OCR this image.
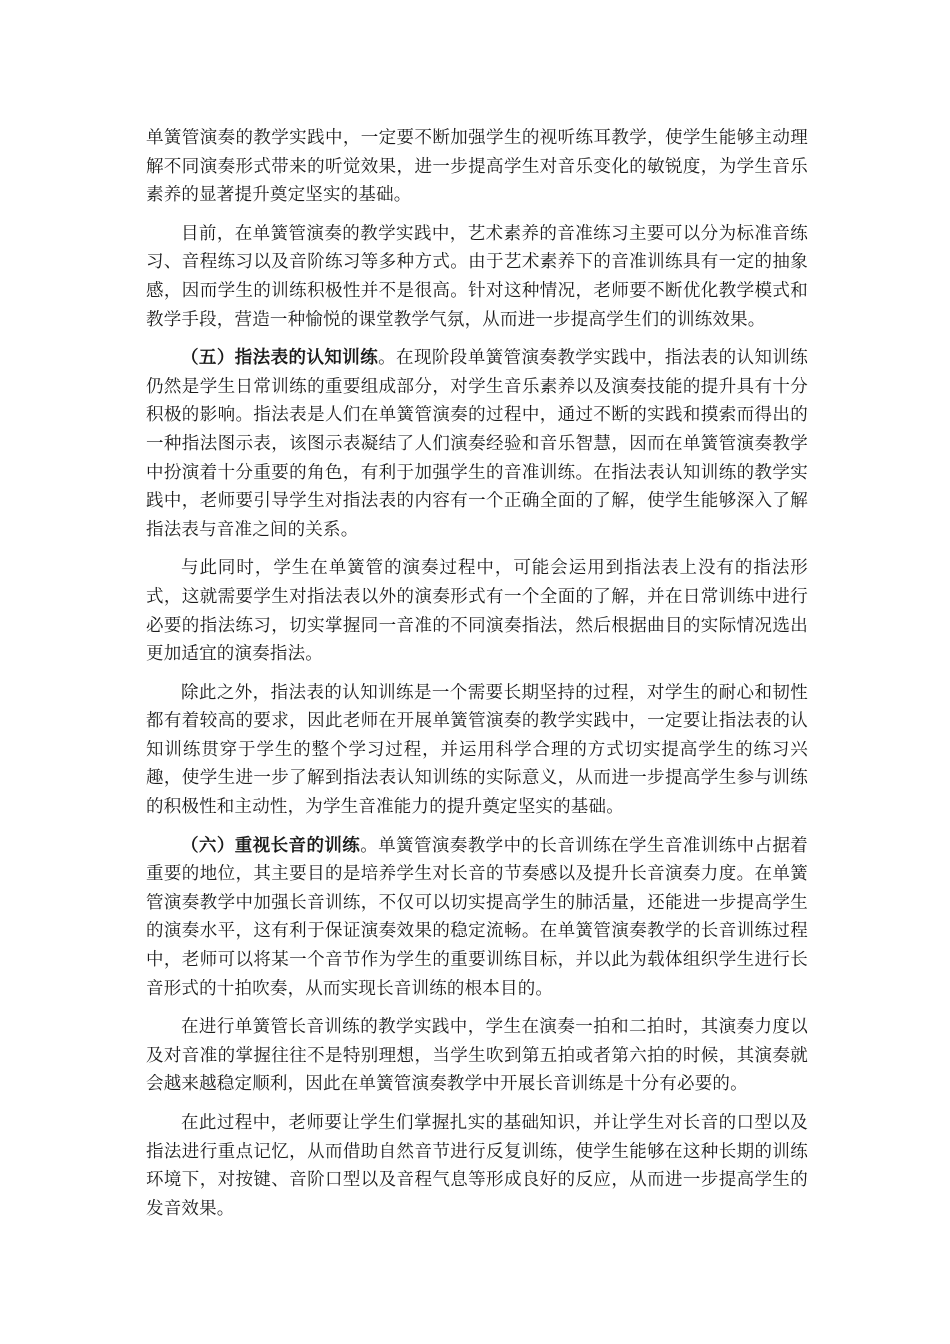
单簧管演奏的教学实践中，一定要不断加强学生的视听练耳教学，使学生能够主动理解不同演奏形式带来的听觉效果，进一步提高学生对音乐变化的敏锐度，为学生音乐素养的显著提升奠定坚实的基础。

目前，在单簧管演奏的教学实践中，艺术素养的音准练习主要可以分为标准音练习、音程练习以及音阶练习等多种方式。由于艺术素养下的音准训练具有一定的抽象感，因而学生的训练积极性并不是很高。针对这种情况，老师要不断优化教学模式和教学手段，营造一种愉悦的课堂教学气氛，从而进一步提高学生们的训练效果。

（五）指法表的认知训练。在现阶段单簧管演奏教学实践中，指法表的认知训练仍然是学生日常训练的重要组成部分，对学生音乐素养以及演奏技能的提升具有十分积极的影响。指法表是人们在单簧管演奏的过程中，通过不断的实践和摸索而得出的一种指法图示表，该图示表凝结了人们演奏经验和音乐智慧，因而在单簧管演奏教学中扮演着十分重要的角色，有利于加强学生的音准训练。在指法表认知训练的教学实践中，老师要引导学生对指法表的内容有一个正确全面的了解，使学生能够深入了解指法表与音准之间的关系。

与此同时，学生在单簧管的演奏过程中，可能会运用到指法表上没有的指法形式，这就需要学生对指法表以外的演奏形式有一个全面的了解，并在日常训练中进行必要的指法练习，切实掌握同一音准的不同演奏指法，然后根据曲目的实际情况选出更加适宜的演奏指法。

除此之外，指法表的认知训练是一个需要长期坚持的过程，对学生的耐心和韧性都有着较高的要求，因此老师在开展单簧管演奏的教学实践中，一定要让指法表的认知训练贯穿于学生的整个学习过程，并运用科学合理的方式切实提高学生的练习兴趣，使学生进一步了解到指法表认知训练的实际意义，从而进一步提高学生参与训练的积极性和主动性，为学生音准能力的提升奠定坚实的基础。

（六）重视长音的训练。单簧管演奏教学中的长音训练在学生音准训练中占据着重要的地位，其主要目的是培养学生对长音的节奏感以及提升长音演奏力度。在单簧管演奏教学中加强长音训练，不仅可以切实提高学生的肺活量，还能进一步提高学生的演奏水平，这有利于保证演奏效果的稳定流畅。在单簧管演奏教学的长音训练过程中，老师可以将某一个音节作为学生的重要训练目标，并以此为载体组织学生进行长音形式的十拍吹奏，从而实现长音训练的根本目的。

在进行单簧管长音训练的教学实践中，学生在演奏一拍和二拍时，其演奏力度以及对音准的掌握往往不是特别理想，当学生吹到第五拍或者第六拍的时候，其演奏就会越来越稳定顺利，因此在单簧管演奏教学中开展长音训练是十分有必要的。

在此过程中，老师要让学生们掌握扎实的基础知识，并让学生对长音的口型以及指法进行重点记忆，从而借助自然音节进行反复训练，使学生能够在这种长期的训练环境下，对按键、音阶口型以及音程气息等形成良好的反应，从而进一步提高学生的发音效果。
